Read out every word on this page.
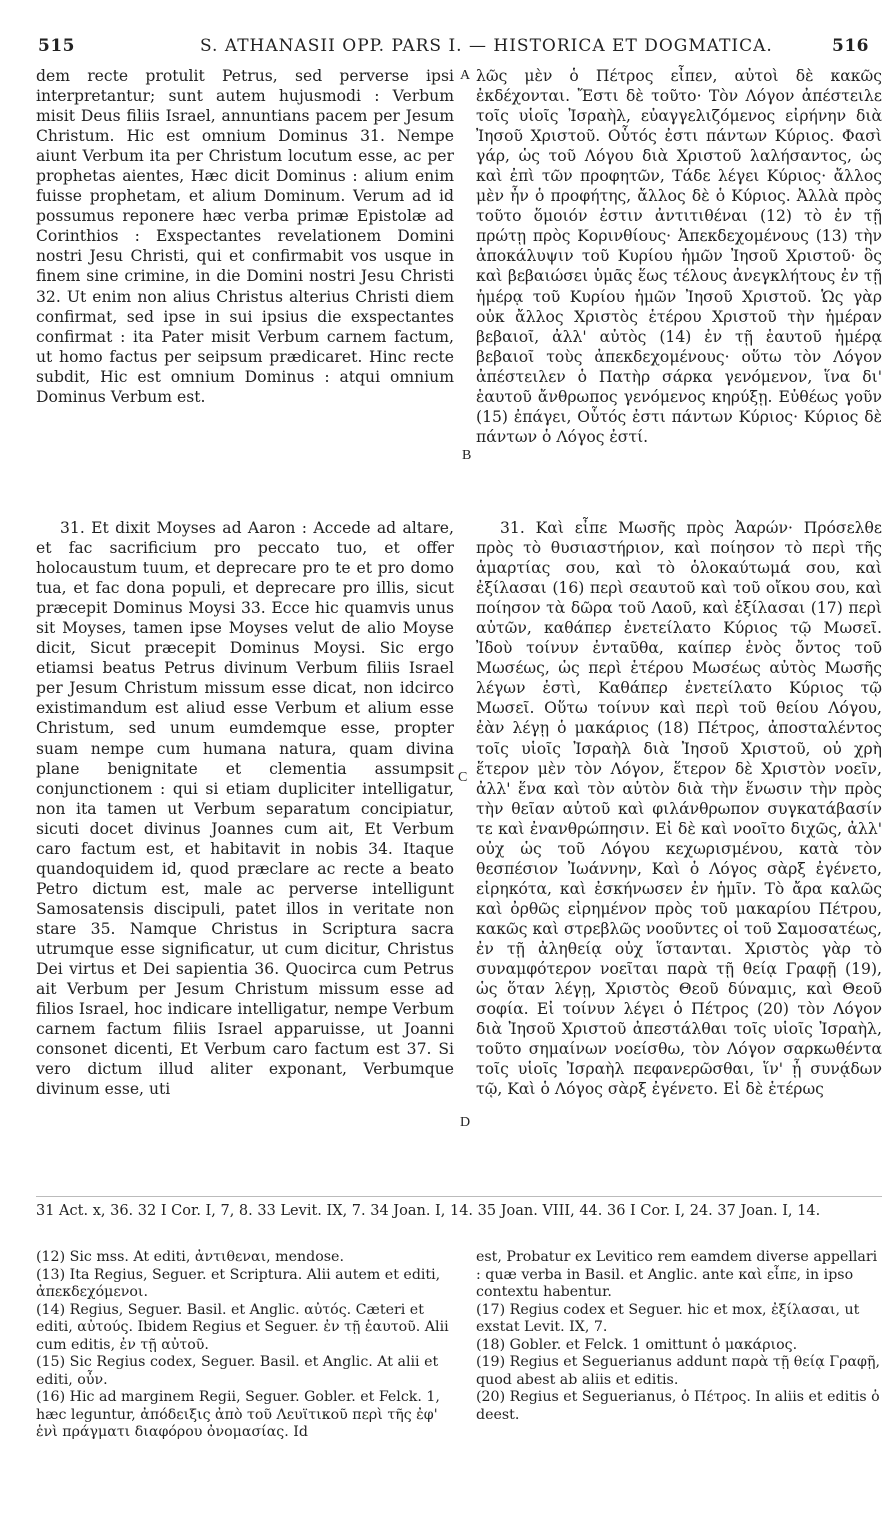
515	S. ATHANASII OPP. PARS I. — HISTORICA ET DOGMATICA.	516

dem recte protulit Petrus, sed perverse ipsi interpretantur; sunt autem hujusmodi : Verbum misit Deus filiis Israel, annuntians pacem per Jesum Christum. Hic est omnium Dominus 31. Nempe aiunt Verbum ita per Christum locutum esse, ac per prophetas aientes, Hæc dicit Dominus : alium enim fuisse prophetam, et alium Dominum. Verum ad id possumus reponere hæc verba primæ Epistolæ ad Corinthios : Exspectantes revelationem Domini nostri Jesu Christi, qui et confirmabit vos usque in finem sine crimine, in die Domini nostri Jesu Christi 32. Ut enim non alius Christus alterius Christi diem confirmat, sed ipse in sui ipsius die exspectantes confirmat : ita Pater misit Verbum carnem factum, ut homo factus per seipsum prædicaret. Hinc recte subdit, Hic est omnium Dominus : atqui omnium Dominus Verbum est.

λῶς μὲν ὁ Πέτρος εἶπεν, αὐτοὶ δὲ κακῶς ἐκδέχονται. Ἔστι δὲ τοῦτο· Τὸν Λόγον ἀπέστειλε τοῖς υἱοῖς Ἰσραὴλ, εὐαγγελιζόμενος εἰρήνην διὰ Ἰησοῦ Χριστοῦ. Οὗτός ἐστι πάντων Κύριος. Φασὶ γάρ, ὡς τοῦ Λόγου διὰ Χριστοῦ λαλήσαντος, ὡς καὶ ἐπὶ τῶν προφητῶν, Τάδε λέγει Κύριος· ἄλλος μὲν ἦν ὁ προφήτης, ἄλλος δὲ ὁ Κύριος. Ἀλλὰ πρὸς τοῦτο ὅμοιόν ἐστιν ἀντιτιθέναι (12) τὸ ἐν τῇ πρώτῃ πρὸς Κορινθίους· Ἀπεκδεχομένους (13) τὴν ἀποκάλυψιν τοῦ Κυρίου ἡμῶν Ἰησοῦ Χριστοῦ· ὃς καὶ βεβαιώσει ὑμᾶς ἕως τέλους ἀνεγκλήτους ἐν τῇ ἡμέρᾳ τοῦ Κυρίου ἡμῶν Ἰησοῦ Χριστοῦ. Ὡς γὰρ οὐκ ἄλλος Χριστὸς ἑτέρου Χριστοῦ τὴν ἡμέραν βεβαιοῖ, ἀλλ' αὐτὸς (14) ἐν τῇ ἑαυτοῦ ἡμέρᾳ βεβαιοῖ τοὺς ἀπεκδεχομένους· οὕτω τὸν Λόγον ἀπέστειλεν ὁ Πατὴρ σάρκα γενόμενον, ἵνα δι' ἑαυτοῦ ἄνθρωπος γενόμενος κηρύξῃ. Εὐθέως γοῦν (15) ἐπάγει, Οὗτός ἐστι πάντων Κύριος· Κύριος δὲ πάντων ὁ Λόγος ἐστί.

31. Et dixit Moyses ad Aaron : Accede ad altare, et fac sacrificium pro peccato tuo, et offer holocaustum tuum, et deprecare pro te et pro domo tua, et fac dona populi, et deprecare pro illis, sicut præcepit Dominus Moysi 33. Ecce hic quamvis unus sit Moyses, tamen ipse Moyses velut de alio Moyse dicit, Sicut præcepit Dominus Moysi. Sic ergo etiamsi beatus Petrus divinum Verbum filiis Israel per Jesum Christum missum esse dicat, non idcirco existimandum est aliud esse Verbum et alium esse Christum, sed unum eumdemque esse, propter suam nempe cum humana natura, quam divina plane benignitate et clementia assumpsit conjunctionem : qui si etiam dupliciter intelligatur, non ita tamen ut Verbum separatum concipiatur, sicuti docet divinus Joannes cum ait, Et Verbum caro factum est, et habitavit in nobis 34. Itaque quandoquidem id, quod præclare ac recte a beato Petro dictum est, male ac perverse intelligunt Samosatensis discipuli, patet illos in veritate non stare 35. Namque Christus in Scriptura sacra utrumque esse significatur, ut cum dicitur, Christus Dei virtus et Dei sapientia 36. Quocirca cum Petrus ait Verbum per Jesum Christum missum esse ad filios Israel, hoc indicare intelligatur, nempe Verbum carnem factum filiis Israel apparuisse, ut Joanni consonet dicenti, Et Verbum caro factum est 37. Si vero dictum illud aliter exponant, Verbumque divinum esse, uti

31. Καὶ εἶπε Μωσῆς πρὸς Ἀαρών· Πρόσελθε πρὸς τὸ θυσιαστήριον, καὶ ποίησον τὸ περὶ τῆς ἁμαρτίας σου, καὶ τὸ ὁλοκαύτωμά σου, καὶ ἐξίλασαι (16) περὶ σεαυτοῦ καὶ τοῦ οἴκου σου, καὶ ποίησον τὰ δῶρα τοῦ Λαοῦ, καὶ ἐξίλασαι (17) περὶ αὐτῶν, καθάπερ ἐνετείλατο Κύριος τῷ Μωσεῖ. Ἰδοὺ τοίνυν ἐνταῦθα, καίπερ ἑνὸς ὄντος τοῦ Μωσέως, ὡς περὶ ἑτέρου Μωσέως αὐτὸς Μωσῆς λέγων ἐστὶ, Καθάπερ ἐνετείλατο Κύριος τῷ Μωσεῖ. Οὕτω τοίνυν καὶ περὶ τοῦ θείου Λόγου, ἐὰν λέγῃ ὁ μακάριος (18) Πέτρος, ἀποσταλέντος τοῖς υἱοῖς Ἰσραὴλ διὰ Ἰησοῦ Χριστοῦ, οὐ χρὴ ἕτερον μὲν τὸν Λόγον, ἕτερον δὲ Χριστὸν νοεῖν, ἀλλ' ἕνα καὶ τὸν αὐτὸν διὰ τὴν ἕνωσιν τὴν πρὸς τὴν θεῖαν αὐτοῦ καὶ φιλάνθρωπον συγκατάβασίν τε καὶ ἐνανθρώπησιν. Εἰ δὲ καὶ νοοῖτο διχῶς, ἀλλ' οὐχ ὡς τοῦ Λόγου κεχωρισμένου, κατὰ τὸν θεσπέσιον Ἰωάννην, Καὶ ὁ Λόγος σὰρξ ἐγένετο, εἰρηκότα, καὶ ἐσκήνωσεν ἐν ἡμῖν. Τὸ ἄρα καλῶς καὶ ὀρθῶς εἰρημένον πρὸς τοῦ μακαρίου Πέτρου, κακῶς καὶ στρεβλῶς νοοῦντες οἱ τοῦ Σαμοσατέως, ἐν τῇ ἀληθείᾳ οὐχ ἵστανται. Χριστὸς γὰρ τὸ συναμφότερον νοεῖται παρὰ τῇ θείᾳ Γραφῇ (19), ὡς ὅταν λέγῃ, Χριστὸς Θεοῦ δύναμις, καὶ Θεοῦ σοφία. Εἰ τοίνυν λέγει ὁ Πέτρος (20) τὸν Λόγον διὰ Ἰησοῦ Χριστοῦ ἀπεστάλθαι τοῖς υἱοῖς Ἰσραὴλ, τοῦτο σημαίνων νοείσθω, τὸν Λόγον σαρκωθέντα τοῖς υἱοῖς Ἰσραὴλ πεφανερῶσθαι, ἵν' ᾖ συνᾴδων τῷ, Καὶ ὁ Λόγος σὰρξ ἐγένετο. Εἰ δὲ ἑτέρως

A
B
C
D
31 Act. x, 36. 32 I Cor. I, 7, 8. 33 Levit. IX, 7. 34 Joan. I, 14. 35 Joan. VIII, 44. 36 I Cor. I, 24. 37 Joan. I, 14.

(12) Sic mss. At editi, ἀντιθεναι, mendose.

(13) Ita Regius, Seguer. et Scriptura. Alii autem et editi, ἀπεκδεχόμενοι.

(14) Regius, Seguer. Basil. et Anglic. αὐτός. Cæteri et editi, αὐτούς. Ibidem Regius et Seguer. ἐν τῇ ἑαυτοῦ. Alii cum editis, ἐν τῇ αὐτοῦ.

(15) Sic Regius codex, Seguer. Basil. et Anglic. At alii et editi, οὖν.

(16) Hic ad marginem Regii, Seguer. Gobler. et Felck. 1, hæc leguntur, ἀπόδειξις ἀπὸ τοῦ Λευϊτικοῦ περὶ τῆς ἐφ' ἑνὶ πράγματι διαφόρου ὀνομασίας. Id

est, Probatur ex Levitico rem eamdem diverse appellari : quæ verba in Basil. et Anglic. ante καὶ εἶπε, in ipso contextu habentur.

(17) Regius codex et Seguer. hic et mox, ἐξίλασαι, ut exstat Levit. IX, 7.

(18) Gobler. et Felck. 1 omittunt ὁ μακάριος.

(19) Regius et Seguerianus addunt παρὰ τῇ θείᾳ Γραφῇ, quod abest ab aliis et editis.

(20) Regius et Seguerianus, ὁ Πέτρος. In aliis et editis ὁ deest.
